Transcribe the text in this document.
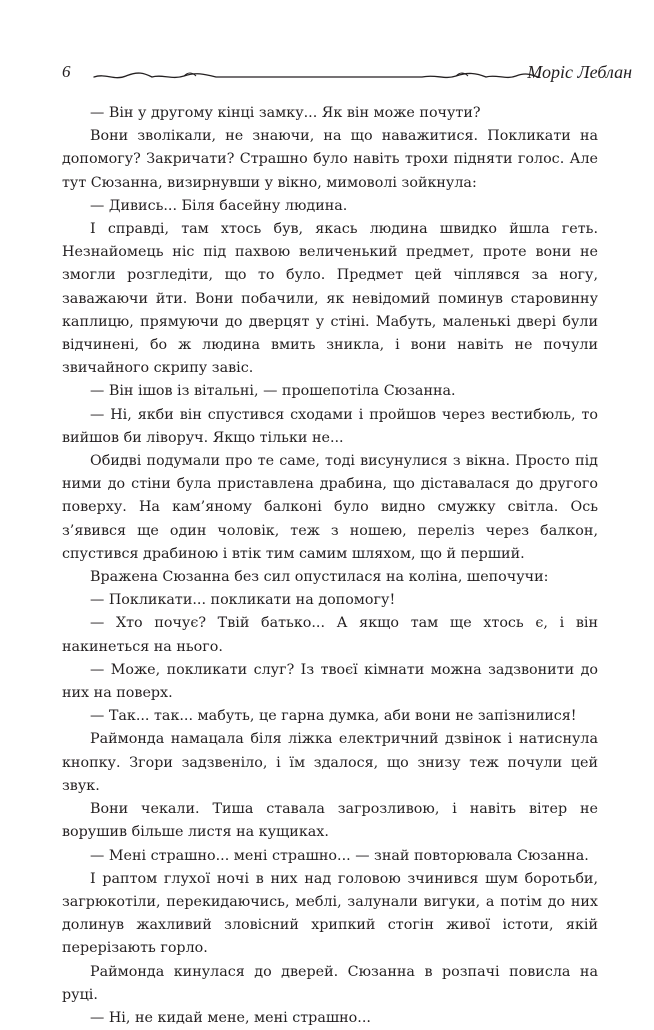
6	Моріс Леблан

— Він у другому кінці замку... Як він може почути?

Вони зволікали, не знаючи, на що наважитися. Покликати на допомогу? Закричати? Страшно було навіть трохи підняти голос. Але тут Сюзанна, визирнувши у вікно, мимоволі зойкнула:

— Дивись... Біля басейну людина.

І справді, там хтось був, якась людина швидко йшла геть. Незнайомець ніс під пахвою величенький предмет, проте вони не змогли розгледіти, що то було. Предмет цей чіплявся за ногу, заважаючи йти. Вони побачили, як невідомий поминув старовинну каплицю, прямуючи до дверцят у стіні. Мабуть, маленькі двері були відчинені, бо ж людина вмить зникла, і вони навіть не почули звичайного скрипу завіс.

— Він ішов із вітальні, — прошепотіла Сюзанна.

— Ні, якби він спустився сходами і пройшов через вестибюль, то вийшов би ліворуч. Якщо тільки не...

Обидві подумали про те саме, тоді висунулися з вікна. Просто під ними до стіни була приставлена драбина, що діставалася до другого поверху. На кам’яному балконі було видно смужку світла. Ось з’явився ще один чоловік, теж з ношею, переліз через балкон, спустився драбиною і втік тим самим шляхом, що й перший.

Вражена Сюзанна без сил опустилася на коліна, шепочучи:

— Покликати... покликати на допомогу!

— Хто почує? Твій батько... А якщо там ще хтось є, і він накинеться на нього.

— Може, покликати слуг? Із твоєї кімнати можна задзвонити до них на поверх.

— Так... так... мабуть, це гарна думка, аби вони не запізнилися!

Раймонда намацала біля ліжка електричний дзвінок і натиснула кнопку. Згори задзвеніло, і їм здалося, що знизу теж почули цей звук.

Вони чекали. Тиша ставала загрозливою, і навіть вітер не ворушив більше листя на кущиках.

— Мені страшно... мені страшно... — знай повторювала Сюзанна.

І раптом глухої ночі в них над головою зчинився шум боротьби, загрюкотіли, перекидаючись, меблі, залунали вигуки, а потім до них долинув жахливий зловісний хрипкий стогін живої істоти, якій перерізають горло.

Раймонда кинулася до дверей. Сюзанна в розпачі повисла на руці.

— Ні, не кидай мене, мені страшно...
